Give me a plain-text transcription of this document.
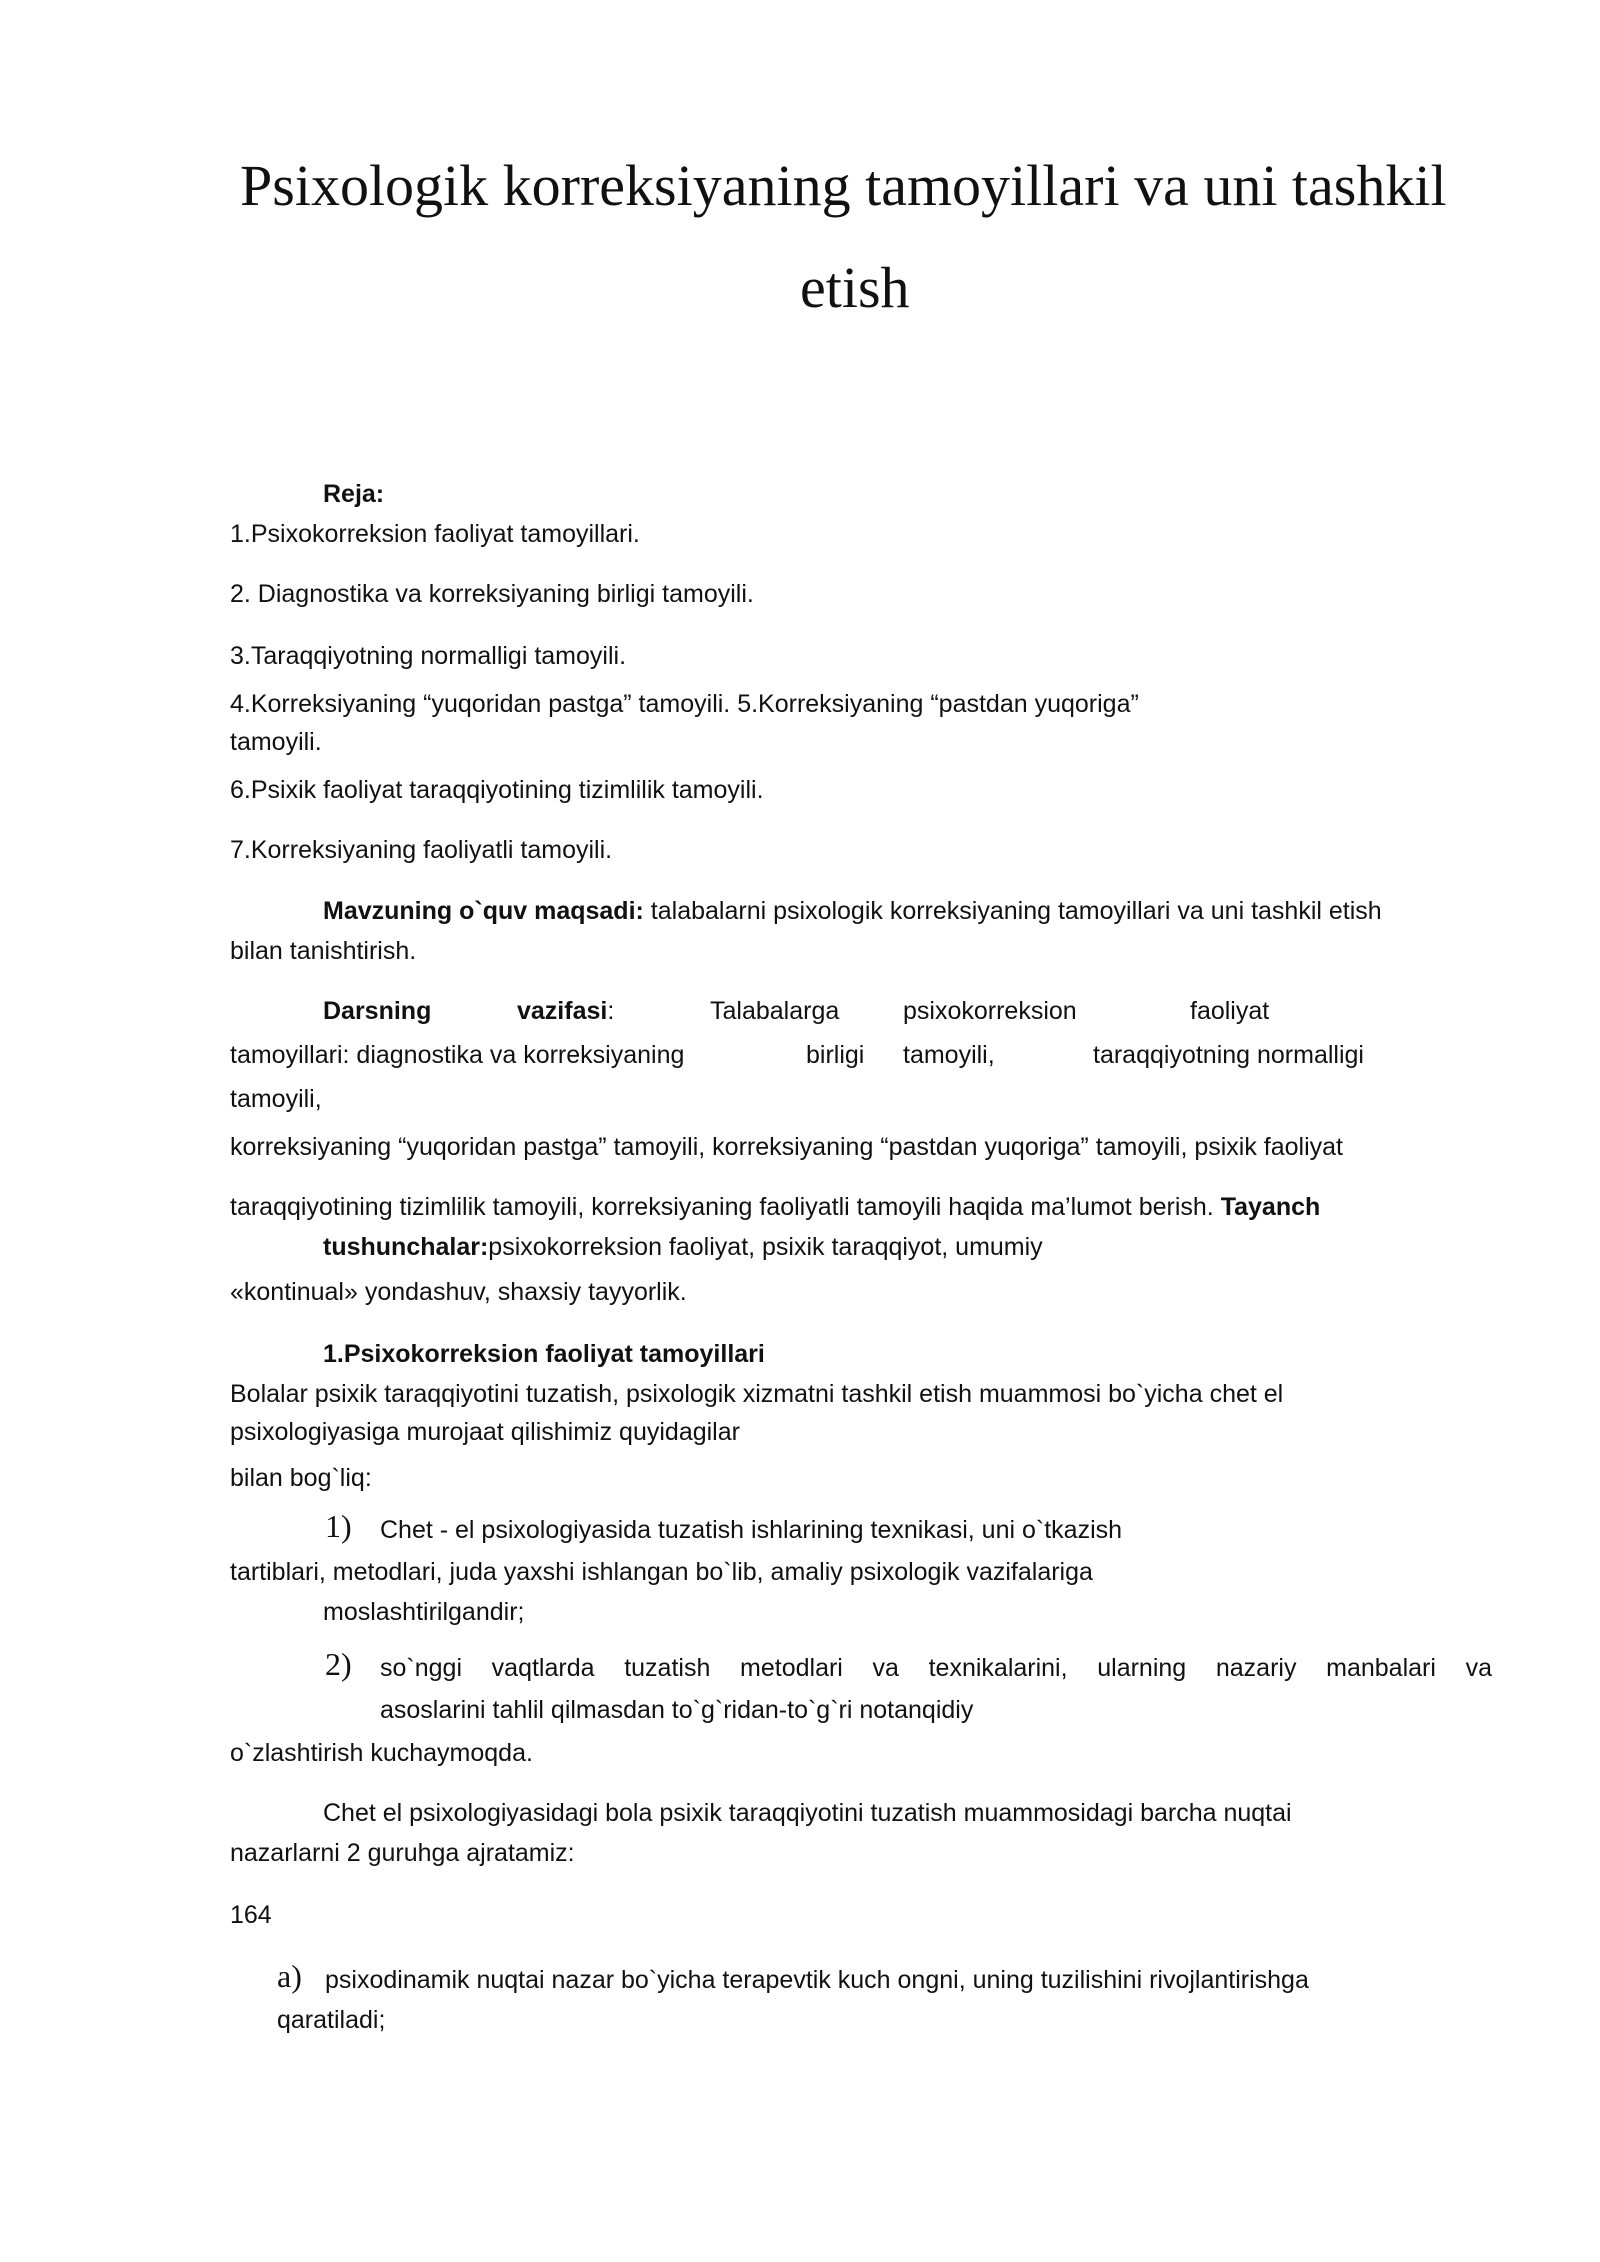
Psixologik korreksiyaning tamoyillari va uni tashkil
etish
Reja:
1.Psixokorreksion faoliyat tamoyillari.
2. Diagnostika va korreksiyaning birligi tamoyili.
3.Taraqqiyotning normalligi tamoyili.
4.Korreksiyaning “yuqoridan pastga” tamoyili. 5.Korreksiyaning “pastdan yuqoriga”
tamoyili.
6.Psixik faoliyat taraqqiyotining tizimlilik tamoyili.
7.Korreksiyaning faoliyatli tamoyili.
Mavzuning o`quv maqsadi: talabalarni psixologik korreksiyaning tamoyillari va uni tashkil etish
bilan tanishtirish.
Darsning	vazifasi:	Talabalarga	psixokorreksion	faoliyat
tamoyillari: diagnostika va korreksiyaning	birligi tamoyili,	taraqqiyotning normalligi
tamoyili,
korreksiyaning “yuqoridan pastga” tamoyili, korreksiyaning “pastdan yuqoriga” tamoyili, psixik faoliyat
taraqqiyotining tizimlilik tamoyili, korreksiyaning faoliyatli tamoyili haqida ma’lumot berish. Tayanch
tushunchalar:psixokorreksion faoliyat, psixik taraqqiyot, umumiy
«kontinual» yondashuv, shaxsiy tayyorlik.
1.Psixokorreksion faoliyat tamoyillari
Bolalar psixik taraqqiyotini tuzatish, psixologik xizmatni tashkil etish muammosi bo`yicha chet el
psixologiyasiga murojaat qilishimiz quyidagilar
bilan bog`liq:
1) Chet - el psixologiyasida tuzatish ishlarining texnikasi, uni o`tkazish
tartiblari, metodlari, juda yaxshi ishlangan bo`lib, amaliy psixologik vazifalariga
moslashtirilgandir;
2) so`nggi vaqtlarda tuzatish metodlari va texnikalarini, ularning nazariy manbalari va
asoslarini tahlil qilmasdan to`g`ridan-to`g`ri notanqidiy
o`zlashtirish kuchaymoqda.
Chet el psixologiyasidagi bola psixik taraqqiyotini tuzatish muammosidagi barcha nuqtai
nazarlarni 2 guruhga ajratamiz:
164
a) psixodinamik nuqtai nazar bo`yicha terapevtik kuch ongni, uning tuzilishini rivojlantirishga
qaratiladi;
